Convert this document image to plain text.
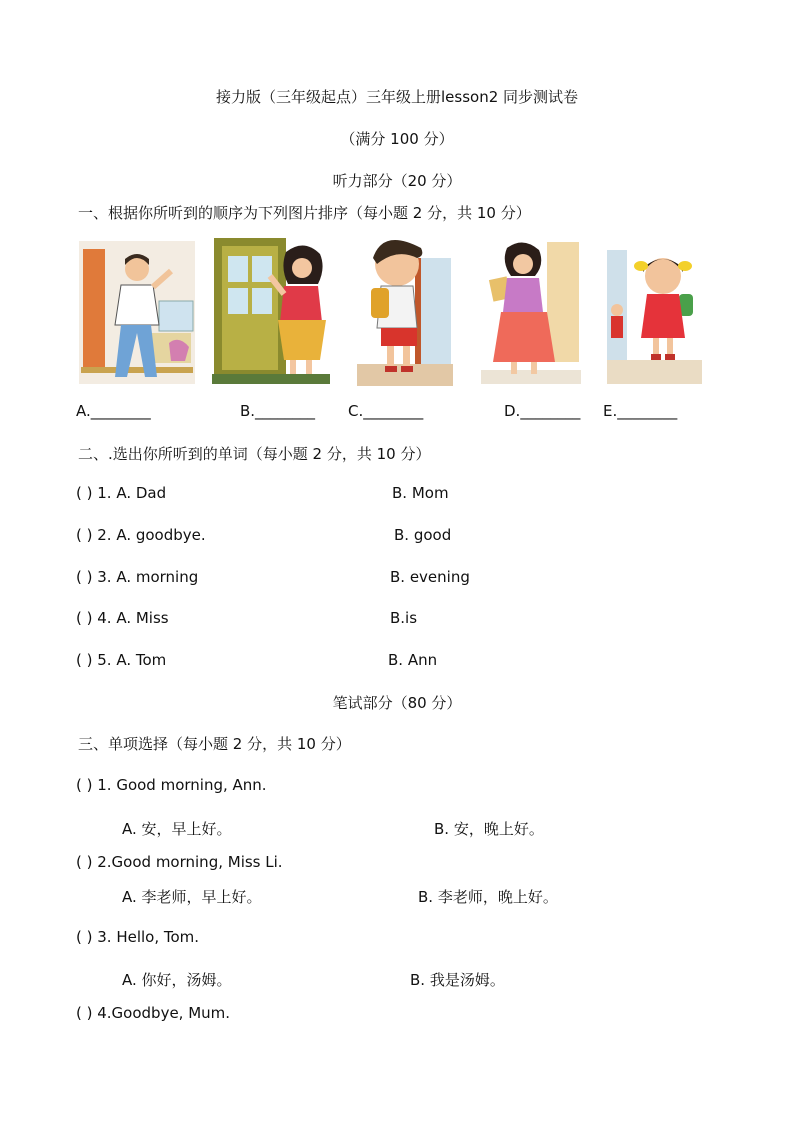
接力版（三年级起点）三年级上册lesson2 同步测试卷
（满分 100 分）
听力部分（20 分）
一、根据你所听到的顺序为下列图片排序（每小题 2 分，共 10 分）
A.________	B.________ C.________	D.________ E.________
二、.选出你所听到的单词（每小题 2 分，共 10 分）
( ) 1. A. Dad	B. Mom
( ) 2. A. goodbye.	B. good
( ) 3. A. morning	B. evening
( ) 4. A. Miss	B.is
( ) 5. A. Tom	B. Ann
笔试部分（80 分）
三、单项选择（每小题 2 分，共 10 分）
( ) 1. Good morning, Ann.
A. 安，早上好。	B. 安，晚上好。
( ) 2.Good morning, Miss Li.
A. 李老师，早上好。	B. 李老师，晚上好。
( ) 3. Hello, Tom.
A. 你好，汤姆。	B. 我是汤姆。
( ) 4.Goodbye, Mum.
